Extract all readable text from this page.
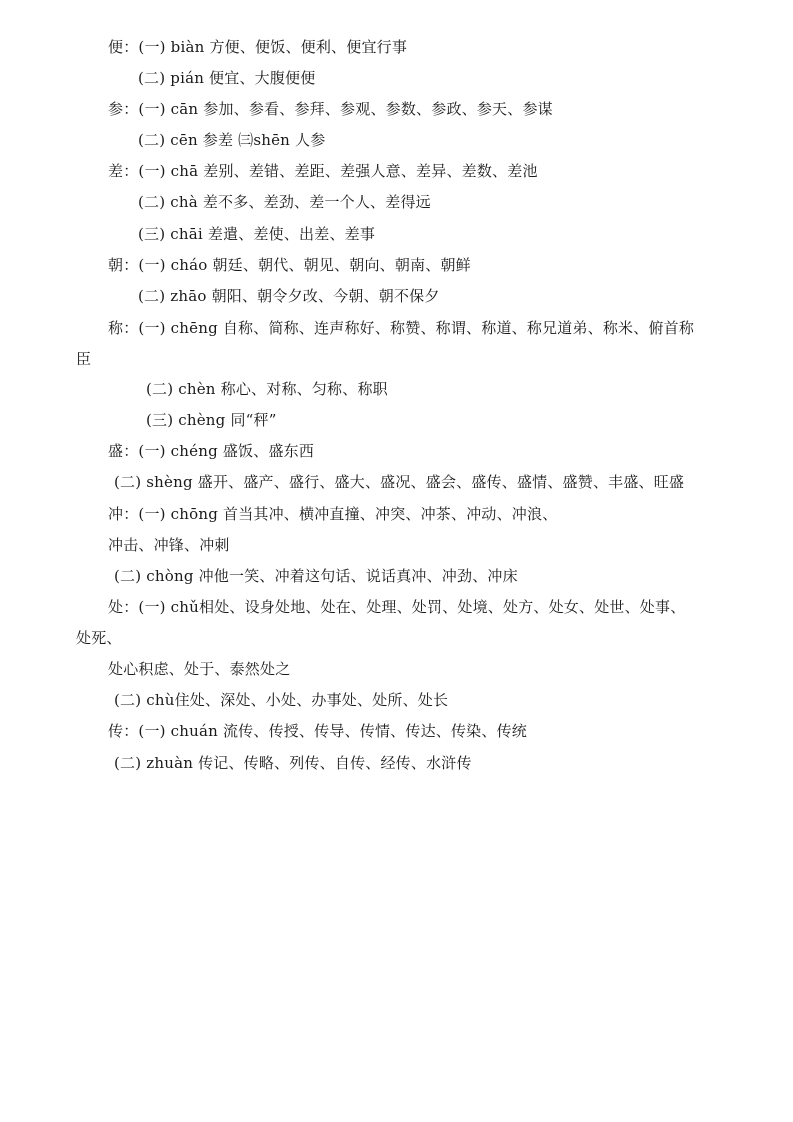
便：(一) biàn 方便、便饭、便利、便宜行事
(二) pián 便宜、大腹便便
参：(一) cān 参加、参看、参拜、参观、参数、参政、参天、参谋
(二) cēn 参差 ㈢shēn 人参
差：(一) chā 差别、差错、差距、差强人意、差异、差数、差池
(二) chà 差不多、差劲、差一个人、差得远
(三) chāi 差遣、差使、出差、差事
朝：(一) cháo 朝廷、朝代、朝见、朝向、朝南、朝鲜
(二) zhāo 朝阳、朝令夕改、今朝、朝不保夕
称：(一) chēng 自称、简称、连声称好、称赞、称谓、称道、称兄道弟、称米、俯首称
臣
(二) chèn 称心、对称、匀称、称职
(三) chèng 同“秤”
盛：(一) chéng 盛饭、盛东西
(二) shèng 盛开、盛产、盛行、盛大、盛况、盛会、盛传、盛情、盛赞、丰盛、旺盛
冲：(一) chōng 首当其冲、横冲直撞、冲突、冲茶、冲动、冲浪、
冲击、冲锋、冲刺
(二) chòng 冲他一笑、冲着这句话、说话真冲、冲劲、冲床
处：(一) chǔ相处、设身处地、处在、处理、处罚、处境、处方、处女、处世、处事、
处死、
处心积虑、处于、泰然处之
(二) chù住处、深处、小处、办事处、处所、处长
传：(一) chuán 流传、传授、传导、传情、传达、传染、传统
(二) zhuàn 传记、传略、列传、自传、经传、水浒传
